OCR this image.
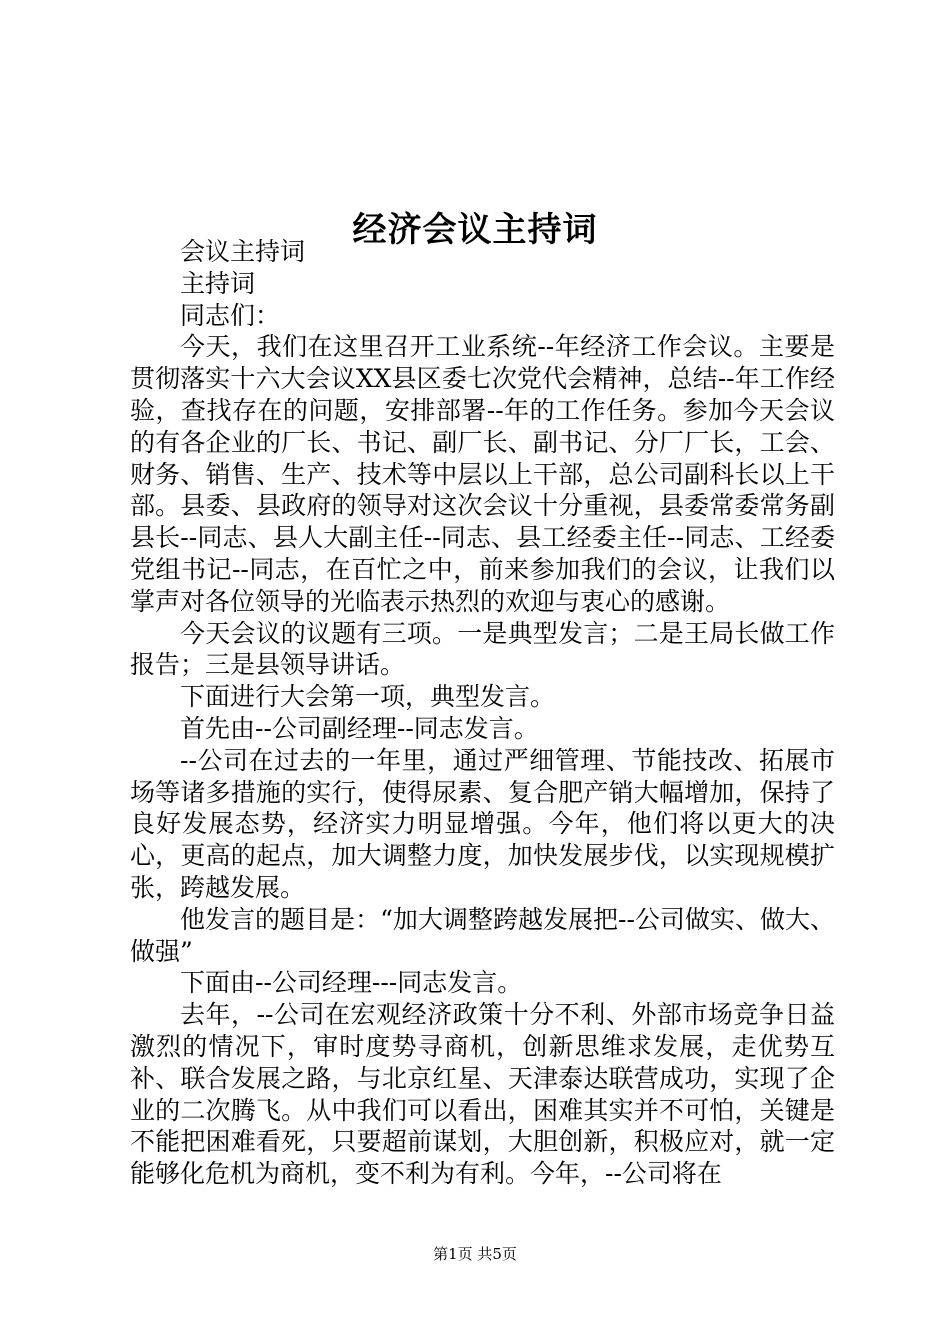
经济会议主持词

会议主持词

主持词

同志们：

今天，我们在这里召开工业系统--年经济工作会议。主要是贯彻落实十六大会议XX县区委七次党代会精神，总结--年工作经验，查找存在的问题，安排部署--年的工作任务。参加今天会议的有各企业的厂长、书记、副厂长、副书记、分厂厂长，工会、财务、销售、生产、技术等中层以上干部，总公司副科长以上干部。县委、县政府的领导对这次会议十分重视，县委常委常务副县长--同志、县人大副主任--同志、县工经委主任--同志、工经委党组书记--同志，在百忙之中，前来参加我们的会议，让我们以掌声对各位领导的光临表示热烈的欢迎与衷心的感谢。

今天会议的议题有三项。一是典型发言；二是王局长做工作报告；三是县领导讲话。

下面进行大会第一项，典型发言。

首先由--公司副经理--同志发言。

--公司在过去的一年里，通过严细管理、节能技改、拓展市场等诸多措施的实行，使得尿素、复合肥产销大幅增加，保持了良好发展态势，经济实力明显增强。今年，他们将以更大的决心，更高的起点，加大调整力度，加快发展步伐，以实现规模扩张，跨越发展。

他发言的题目是：“加大调整跨越发展把--公司做实、做大、做强”

下面由--公司经理---同志发言。

去年，--公司在宏观经济政策十分不利、外部市场竞争日益激烈的情况下，审时度势寻商机，创新思维求发展，走优势互补、联合发展之路，与北京红星、天津泰达联营成功，实现了企业的二次腾飞。从中我们可以看出，困难其实并不可怕，关键是不能把困难看死，只要超前谋划，大胆创新，积极应对，就一定能够化危机为商机，变不利为有利。今年，--公司将在

第1页 共5页
